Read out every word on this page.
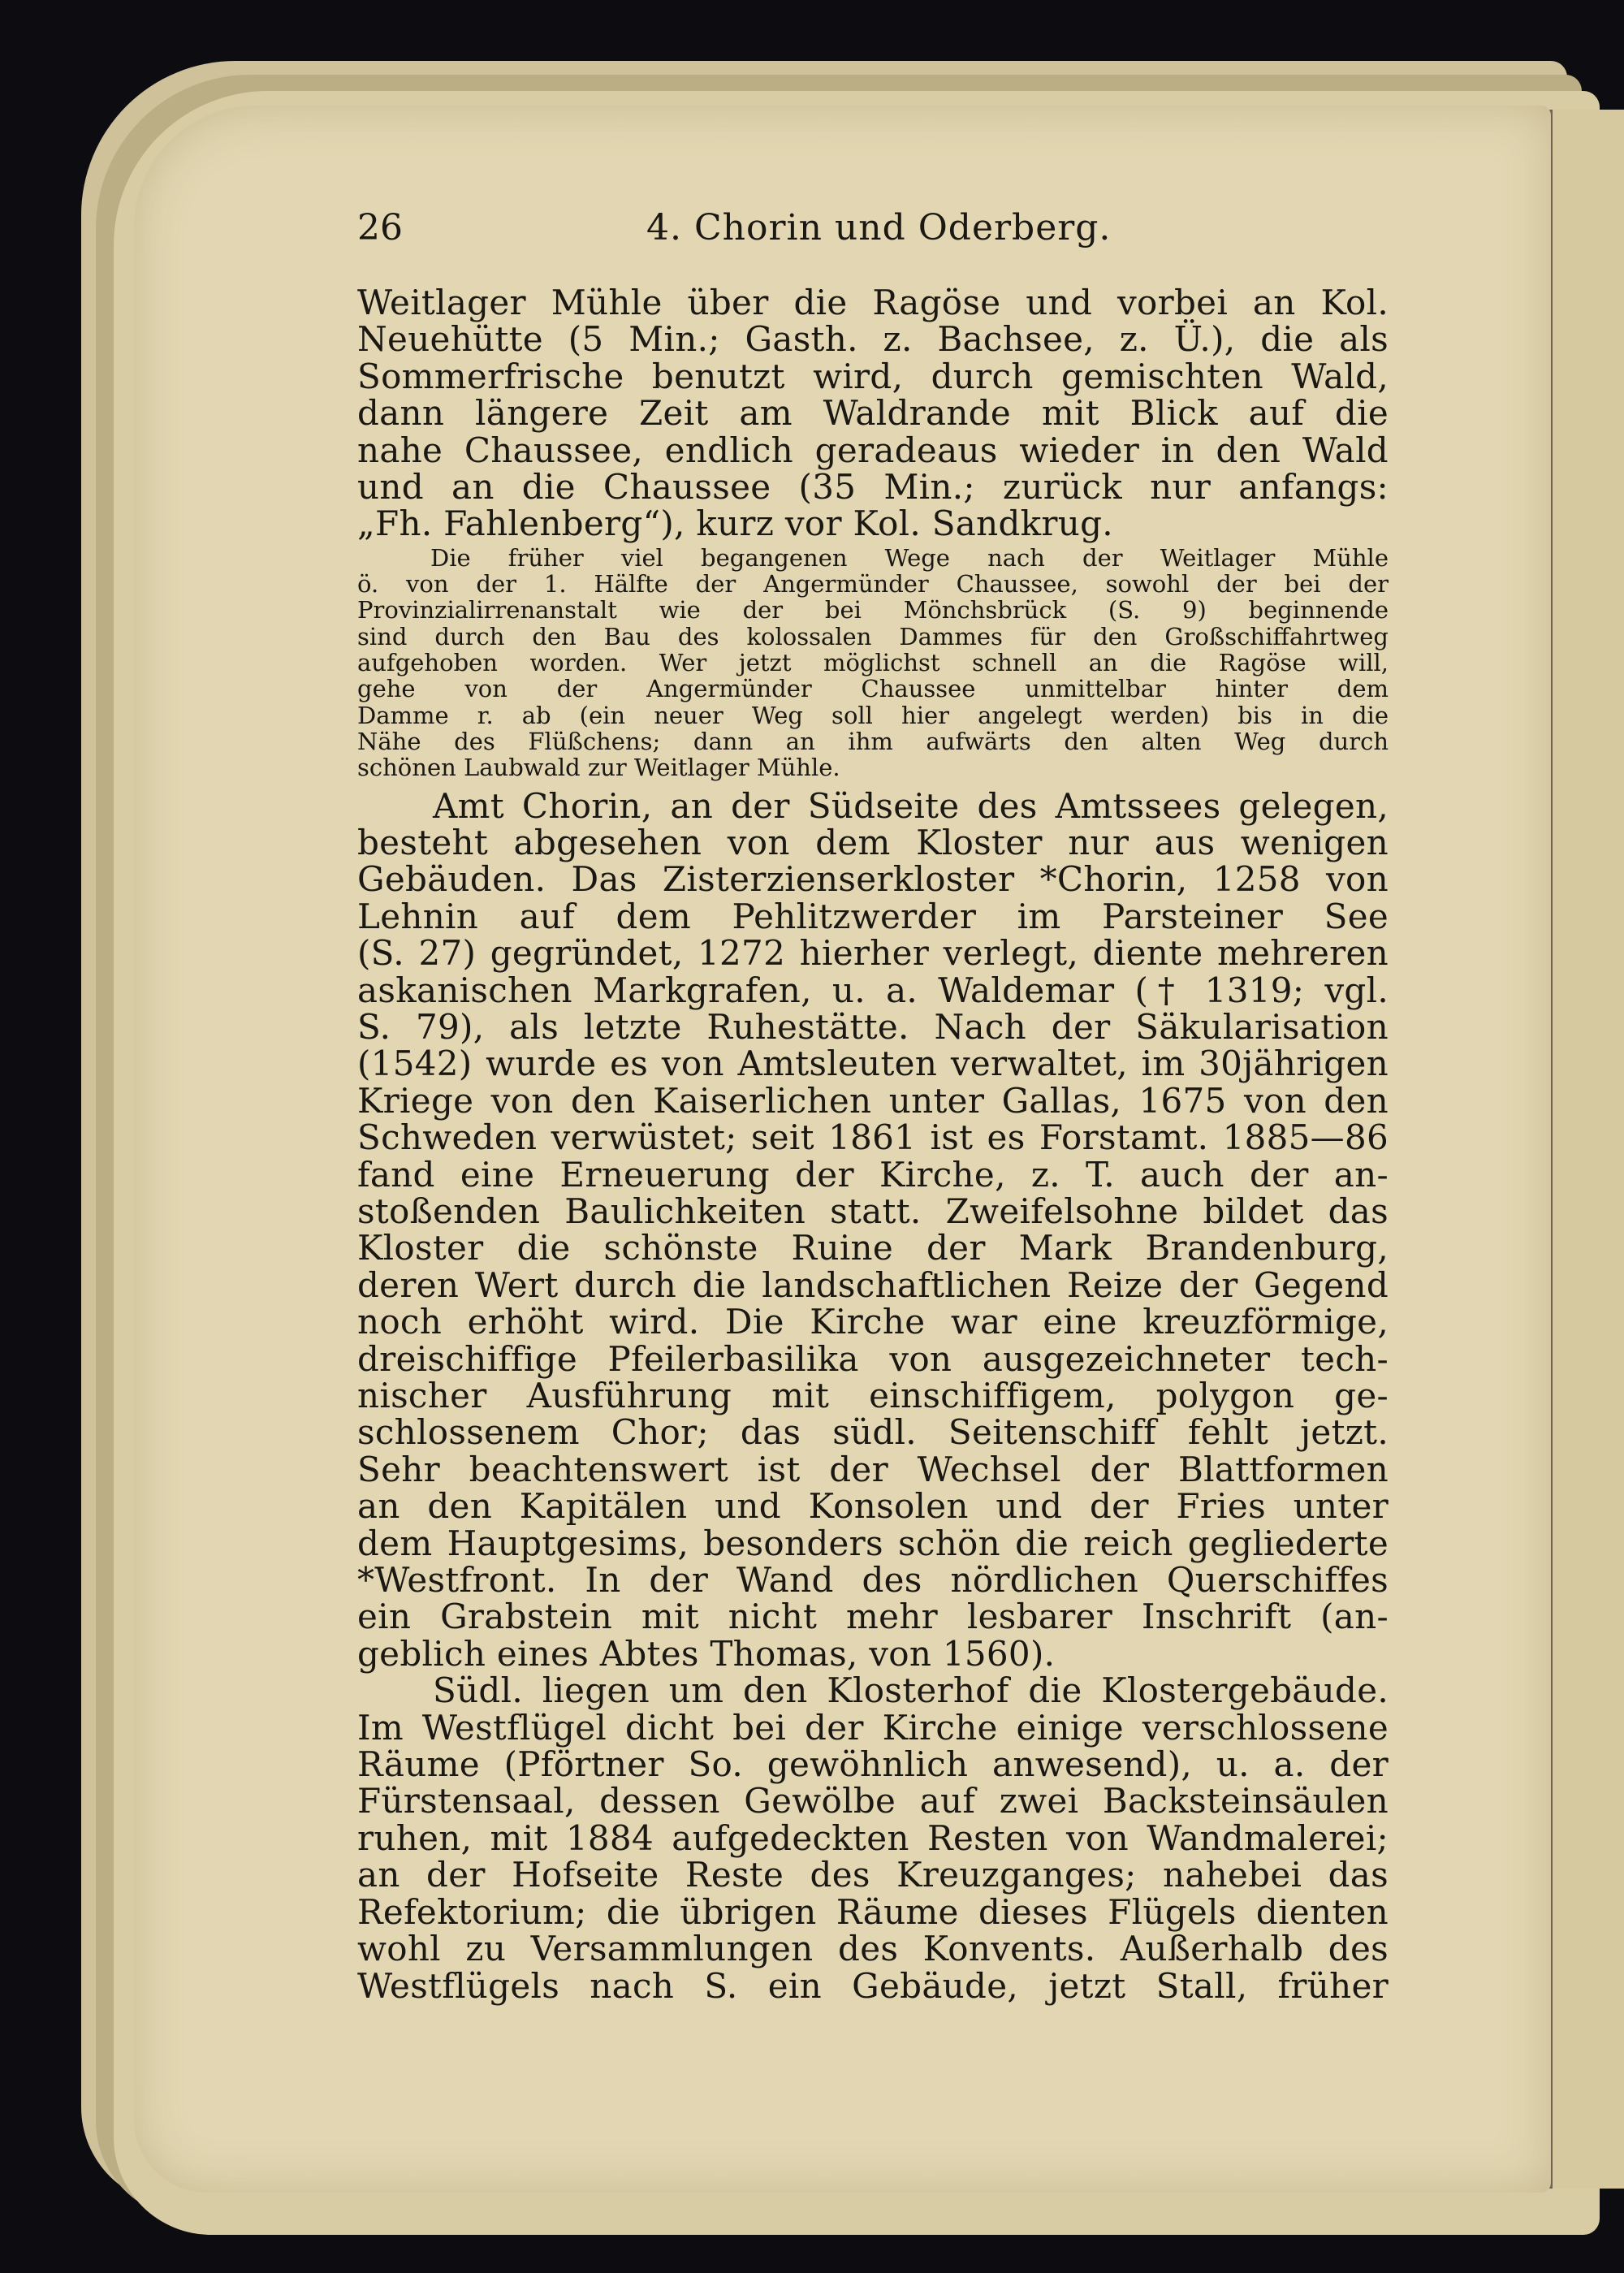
26	4. Chorin und Oderberg.

Weitlager Mühle über die Ragöse und vorbei an Kol.

Neuehütte (5 Min.; Gasth. z. Bachsee, z. Ü.), die als

Sommerfrische benutzt wird, durch gemischten Wald,

dann längere Zeit am Waldrande mit Blick auf die

nahe Chaussee, endlich geradeaus wieder in den Wald

und an die Chaussee (35 Min.; zurück nur anfangs:

„Fh. Fahlenberg“), kurz vor Kol. Sandkrug.

Die früher viel begangenen Wege nach der Weitlager Mühle

ö. von der 1. Hälfte der Angermünder Chaussee, sowohl der bei der

Provinzialirrenanstalt wie der bei Mönchsbrück (S. 9) beginnende

sind durch den Bau des kolossalen Dammes für den Großschiffahrtweg

aufgehoben worden. Wer jetzt möglichst schnell an die Ragöse will,

gehe von der Angermünder Chaussee unmittelbar hinter dem

Damme r. ab (ein neuer Weg soll hier angelegt werden) bis in die

Nähe des Flüßchens; dann an ihm aufwärts den alten Weg durch

schönen Laubwald zur Weitlager Mühle.

Amt Chorin, an der Südseite des Amtssees gelegen,

besteht abgesehen von dem Kloster nur aus wenigen

Gebäuden. Das Zisterzienserkloster *Chorin, 1258 von

Lehnin auf dem Pehlitzwerder im Parsteiner See

(S. 27) gegründet, 1272 hierher verlegt, diente mehreren

askanischen Markgrafen, u. a. Waldemar († 1319; vgl.

S. 79), als letzte Ruhestätte. Nach der Säkularisation

(1542) wurde es von Amtsleuten verwaltet, im 30jährigen

Kriege von den Kaiserlichen unter Gallas, 1675 von den

Schweden verwüstet; seit 1861 ist es Forstamt. 1885—86

fand eine Erneuerung der Kirche, z. T. auch der an-

stoßenden Baulichkeiten statt. Zweifelsohne bildet das

Kloster die schönste Ruine der Mark Brandenburg,

deren Wert durch die landschaftlichen Reize der Gegend

noch erhöht wird. Die Kirche war eine kreuzförmige,

dreischiffige Pfeilerbasilika von ausgezeichneter tech-

nischer Ausführung mit einschiffigem, polygon ge-

schlossenem Chor; das südl. Seitenschiff fehlt jetzt.

Sehr beachtenswert ist der Wechsel der Blattformen

an den Kapitälen und Konsolen und der Fries unter

dem Hauptgesims, besonders schön die reich gegliederte

*Westfront. In der Wand des nördlichen Querschiffes

ein Grabstein mit nicht mehr lesbarer Inschrift (an-

geblich eines Abtes Thomas, von 1560).

Südl. liegen um den Klosterhof die Klostergebäude.

Im Westflügel dicht bei der Kirche einige verschlossene

Räume (Pförtner So. gewöhnlich anwesend), u. a. der

Fürstensaal, dessen Gewölbe auf zwei Backsteinsäulen

ruhen, mit 1884 aufgedeckten Resten von Wandmalerei;

an der Hofseite Reste des Kreuzganges; nahebei das

Refektorium; die übrigen Räume dieses Flügels dienten

wohl zu Versammlungen des Konvents. Außerhalb des

Westflügels nach S. ein Gebäude, jetzt Stall, früher
